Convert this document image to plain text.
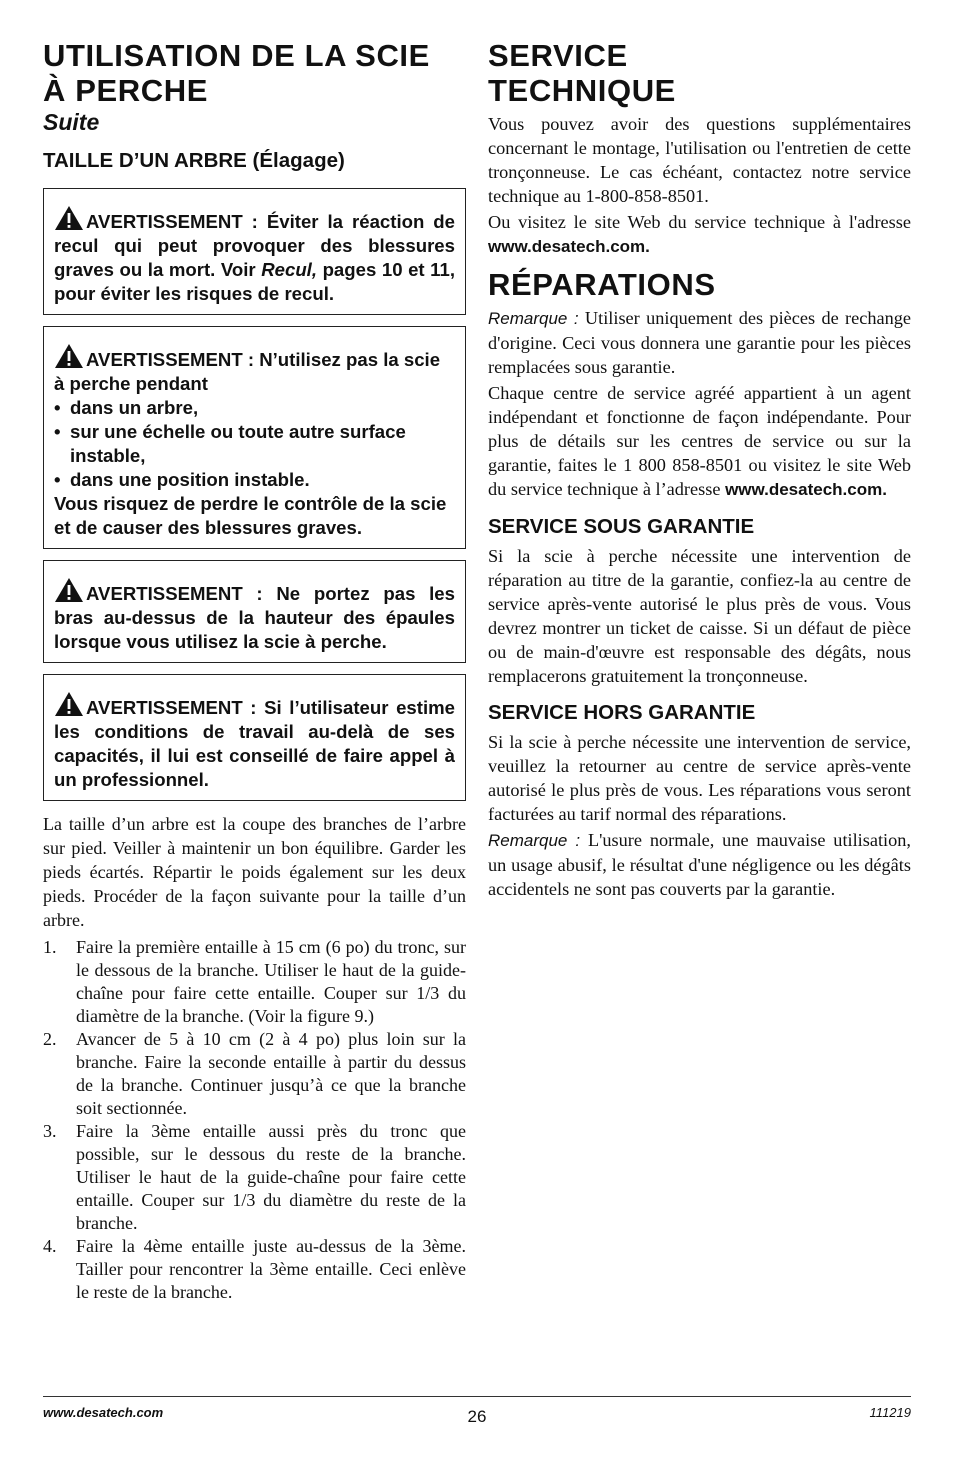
UTILISATION DE LA SCIE
À PERCHE
Suite
TAILLE D’UN ARBRE (Élagage)

AVERTISSEMENT : Éviter la réaction de recul qui peut provoquer des blessures graves ou la mort. Voir Recul, pages 10 et 11, pour éviter les risques de recul.

AVERTISSEMENT : N’utilisez pas la scie à perche pendant

• dans un arbre,
• sur une échelle ou toute autre surface instable,
• dans une position instable.

Vous risquez de perdre le contrôle de la scie et de causer des blessures graves.

AVERTISSEMENT : Ne portez pas les bras au-dessus de la hauteur des épaules lorsque vous utilisez la scie à perche.

AVERTISSEMENT : Si l’utilisateur estime les conditions de travail au-delà de ses capacités, il lui est conseillé de faire appel à un professionnel.

La taille d’un arbre est la coupe des branches de l’arbre sur pied. Veiller à maintenir un bon équilibre. Garder les pieds écartés. Répartir le poids également sur les deux pieds. Procéder de la façon suivante pour la taille d’un arbre.

1. Faire la première entaille à 15 cm (6 po) du tronc, sur le dessous de la branche. Utiliser le haut de la guide-chaîne pour faire cette entaille. Couper sur 1/3 du diamètre de la branche. (Voir la figure 9.)
2. Avancer de 5 à 10 cm (2 à 4 po) plus loin sur la branche. Faire la seconde entaille à partir du dessus de la branche. Continuer jusqu’à ce que la branche soit sectionnée.
3. Faire la 3ème entaille aussi près du tronc que possible, sur le dessous du reste de la branche. Utiliser le haut de la guide-chaîne pour faire cette entaille. Couper sur 1/3 du diamètre du reste de la branche.
4. Faire la 4ème entaille juste au-dessus de la 3ème. Tailler pour rencontrer la 3ème entaille. Ceci enlève le reste de la branche.
SERVICE
TECHNIQUE

Vous pouvez avoir des questions supplémentaires concernant le montage, l'utilisation ou l'entretien de cette tronçonneuse. Le cas échéant, contactez notre service technique au 1-800-858-8501.

Ou visitez le site Web du service technique à l'adresse www.desatech.com.

RÉPARATIONS

Remarque : Utiliser uniquement des pièces de rechange d'origine. Ceci vous donnera une garantie pour les pièces remplacées sous garantie.

Chaque centre de service agréé appartient à un agent indépendant et fonctionne de façon indépendante. Pour plus de détails sur les centres de service ou sur la garantie, faites le 1 800 858-8501 ou visitez le site Web du service technique à l’adresse www.desatech.com.

SERVICE SOUS GARANTIE

Si la scie à perche nécessite une intervention de réparation au titre de la garantie, confiez-la au centre de service après-vente autorisé le plus près de vous. Vous devrez montrer un ticket de caisse. Si un défaut de pièce ou de main-d'œuvre est responsable des dégâts, nous remplacerons gratuitement la tronçonneuse.

SERVICE HORS GARANTIE

Si la scie à perche nécessite une intervention de service, veuillez la retourner au centre de service après-vente autorisé le plus près de vous. Les réparations vous seront facturées au tarif normal des réparations.

Remarque : L'usure normale, une mauvaise utilisation, un usage abusif, le résultat d'une négligence ou les dégâts accidentels ne sont pas couverts par la garantie.

www.desatech.com	26	111219
